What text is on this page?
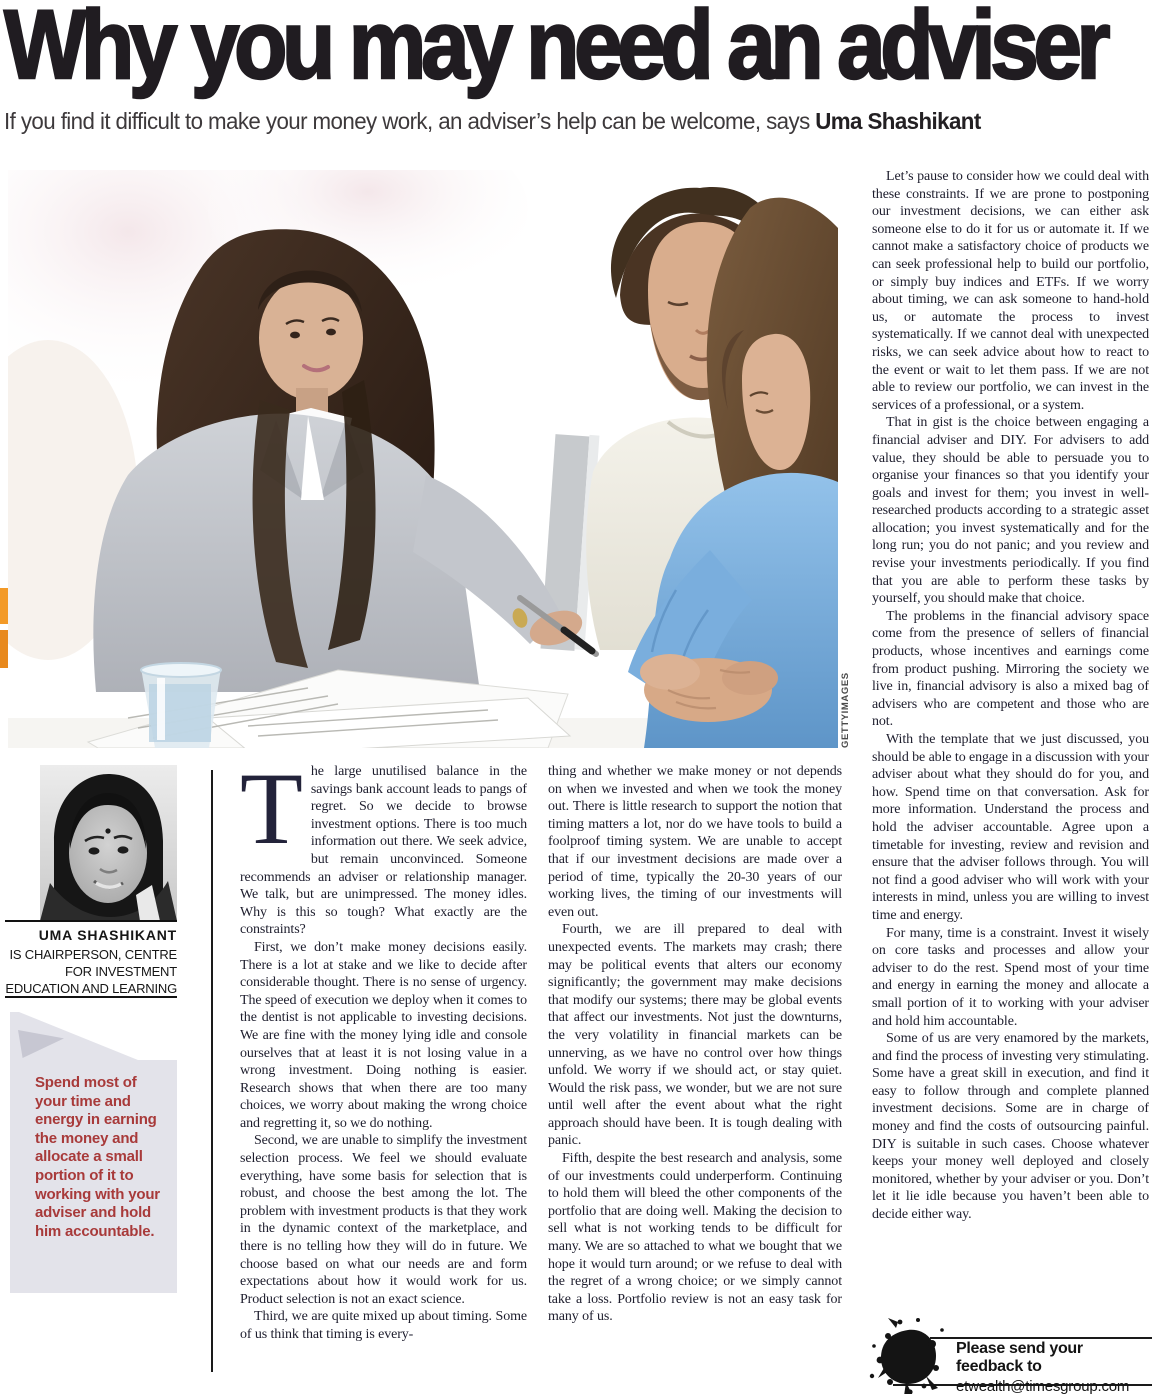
Why you may need an adviser

If you find it difficult to make your money work, an adviser’s help can be welcome, says Uma Shashikant

GETTYIMAGES
UMA SHASHIKANT
IS CHAIRPERSON, CENTRE FOR INVESTMENT EDUCATION AND LEARNING
Spend most of your time and energy in earning the money and allocate a small portion of it to working with your adviser and hold him accountable.

The large unutilised balance in the savings bank account leads to pangs of regret. So we decide to browse investment options. There is too much information out there. We seek advice, but remain unconvinced. Someone recommends an adviser or relationship manager. We talk, but are unimpressed. The money idles. Why is this so tough? What exactly are the constraints?

First, we don’t make money decisions easily. There is a lot at stake and we like to decide after considerable thought. There is no sense of urgency. The speed of execution we deploy when it comes to the dentist is not applicable to investing decisions. We are fine with the money lying idle and console ourselves that at least it is not losing value in a wrong investment. Doing nothing is easier. Research shows that when there are too many choices, we worry about making the wrong choice and regretting it, so we do nothing.

Second, we are unable to simplify the investment selection process. We feel we should evaluate everything, have some basis for selection that is robust, and choose the best among the lot. The problem with investment products is that they work in the dynamic context of the marketplace, and there is no telling how they will do in future. We choose based on what our needs are and form expectations about how it would work for us. Product selection is not an exact science.

Third, we are quite mixed up about timing. Some of us think that timing is every-

thing and whether we make money or not depends on when we invested and when we took the money out. There is little research to support the notion that timing matters a lot, nor do we have tools to build a foolproof timing system. We are unable to accept that if our investment decisions are made over a period of time, typically the 20-30 years of our working lives, the timing of our investments will even out.

Fourth, we are ill prepared to deal with unexpected events. The markets may crash; there may be political events that alters our economy significantly; the government may make decisions that modify our systems; there may be global events that affect our investments. Not just the downturns, the very volatility in financial markets can be unnerving, as we have no control over how things unfold. We worry if we should act, or stay quiet. Would the risk pass, we wonder, but we are not sure until well after the event about what the right approach should have been. It is tough dealing with panic.

Fifth, despite the best research and analysis, some of our investments could underperform. Continuing to hold them will bleed the other components of the portfolio that are doing well. Making the decision to sell what is not working tends to be difficult for many. We are so attached to what we bought that we hope it would turn around; or we refuse to deal with the regret of a wrong choice; or we simply cannot take a loss. Portfolio review is not an easy task for many of us.

Let’s pause to consider how we could deal with these constraints. If we are prone to postponing our investment decisions, we can either ask someone else to do it for us or automate it. If we cannot make a satisfactory choice of products we can seek professional help to build our portfolio, or simply buy indices and ETFs. If we worry about timing, we can ask someone to hand-hold us, or automate the process to invest systematically. If we cannot deal with unexpected risks, we can seek advice about how to react to the event or wait to let them pass. If we are not able to review our portfolio, we can invest in the services of a professional, or a system.

That in gist is the choice between engaging a financial adviser and DIY. For advisers to add value, they should be able to persuade you to organise your finances so that you identify your goals and invest for them; you invest in well-researched products according to a strategic asset allocation; you invest systematically and for the long run; you do not panic; and you review and revise your investments periodically. If you find that you are able to perform these tasks by yourself, you should make that choice.

The problems in the financial advisory space come from the presence of sellers of financial products, whose incentives and earnings come from product pushing. Mirroring the society we live in, financial advisory is also a mixed bag of advisers who are competent and those who are not.

With the template that we just discussed, you should be able to engage in a discussion with your adviser about what they should do for you, and how. Spend time on that conversation. Ask for more information. Understand the process and hold the adviser accountable. Agree upon a timetable for investing, review and revision and ensure that the adviser follows through. You will not find a good adviser who will work with your interests in mind, unless you are willing to invest time and energy.

For many, time is a constraint. Invest it wisely on core tasks and processes and allow your adviser to do the rest. Spend most of your time and energy in earning the money and allocate a small portion of it to working with your adviser and hold him accountable.

Some of us are very enamored by the markets, and find the process of investing very stimulating. Some have a great skill in execution, and find it easy to follow through and complete planned investment decisions. Some are in charge of money and find the costs of outsourcing painful. DIY is suitable in such cases. Choose whatever keeps your money well deployed and closely monitored, whether by your adviser or you. Don’t let it lie idle because you haven’t been able to decide either way.

Please send your feedback to
etwealth@timesgroup.com
